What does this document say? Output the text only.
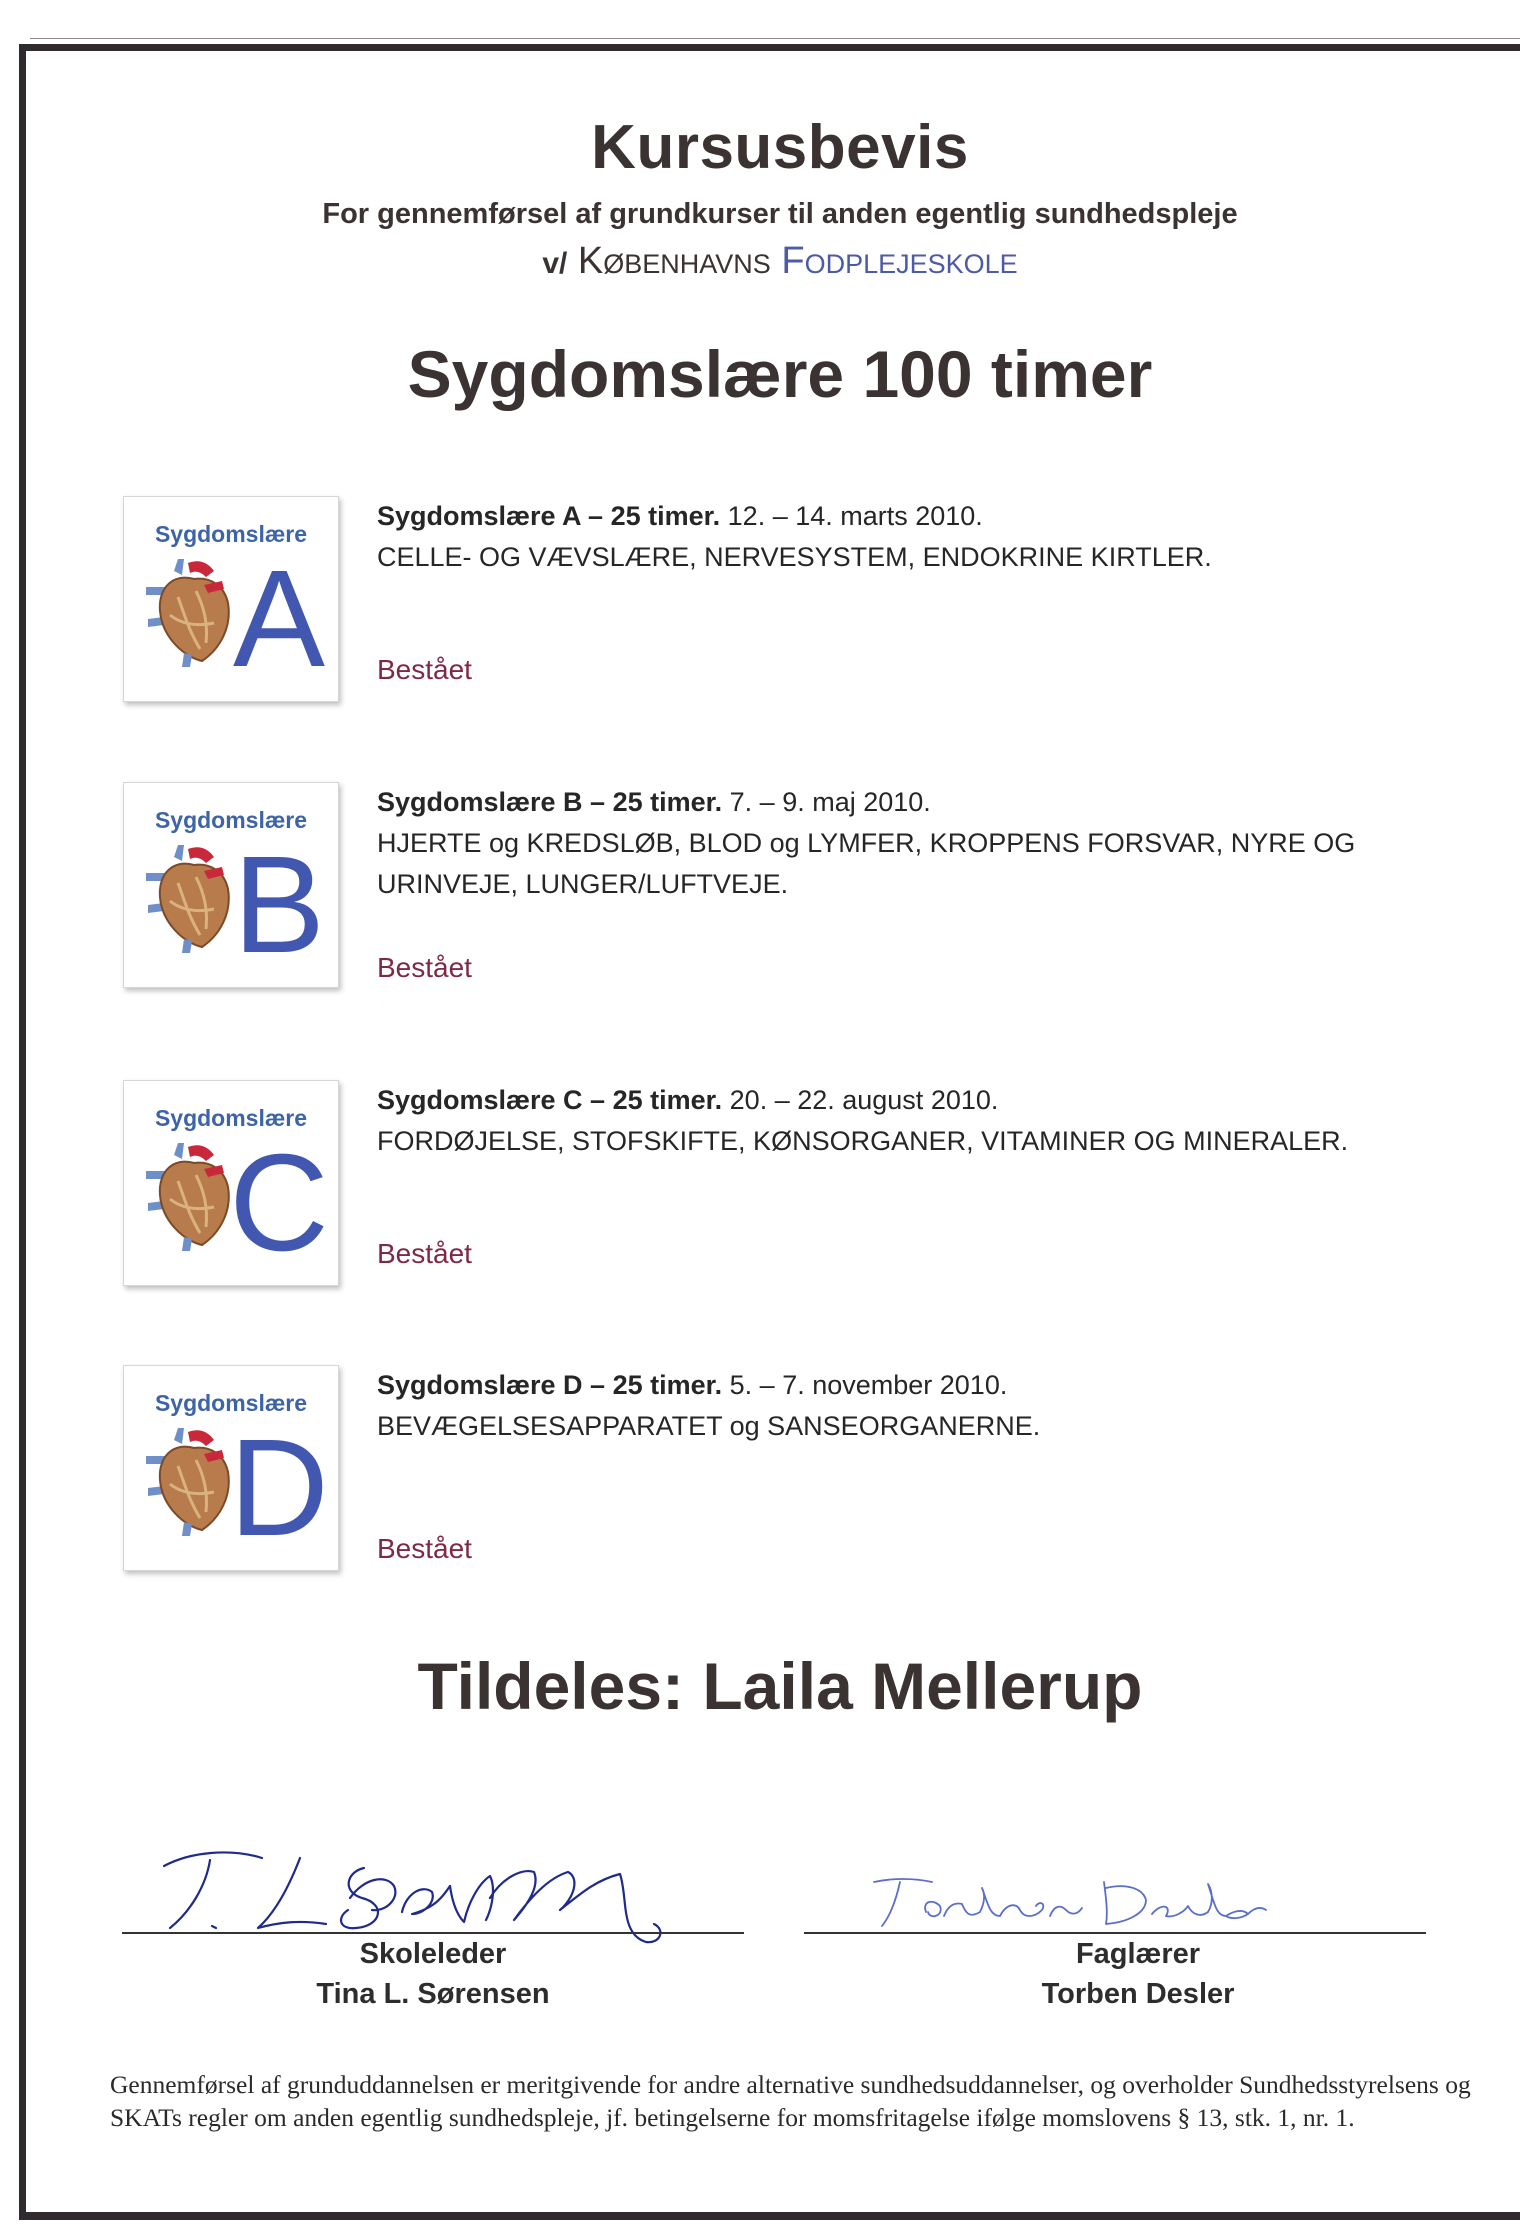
Kursusbevis
For gennemførsel af grundkurser til anden egentlig sundhedspleje
v/ Københavns Fodplejeskole
Sygdomslære 100 timer
Sygdomslære
A
Sygdomslære A – 25 timer. 12. – 14. marts 2010.
CELLE- OG VÆVSLÆRE, NERVESYSTEM, ENDOKRINE KIRTLER.
Bestået
Sygdomslære
B
Sygdomslære B – 25 timer. 7. – 9. maj 2010.
HJERTE og KREDSLØB, BLOD og LYMFER, KROPPENS FORSVAR, NYRE OG URINVEJE, LUNGER/LUFTVEJE.
Bestået
Sygdomslære
C
Sygdomslære C – 25 timer. 20. – 22. august 2010.
FORDØJELSE, STOFSKIFTE, KØNSORGANER, VITAMINER OG MINERALER.
Bestået
Sygdomslære
D
Sygdomslære D – 25 timer. 5. – 7. november 2010.
BEVÆGELSESAPPARATET og SANSEORGANERNE.
Bestået
Tildeles: Laila Mellerup
Skoleleder
Tina L. Sørensen
Faglærer
Torben Desler
Gennemførsel af grunduddannelsen er meritgivende for andre alternative sundhedsuddannelser, og overholder Sundhedsstyrelsens og SKATs regler om anden egentlig sundhedspleje, jf. betingelserne for momsfritagelse ifølge momslovens § 13, stk. 1, nr. 1.
